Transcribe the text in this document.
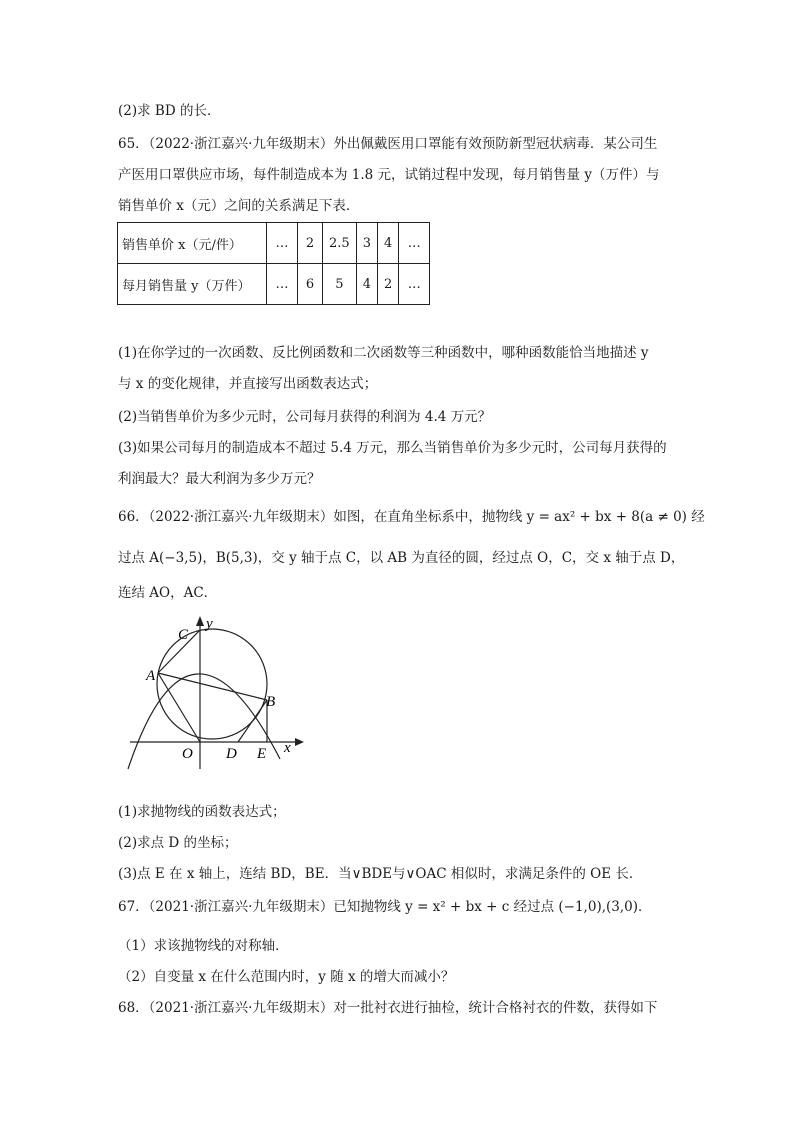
(2)求 BD 的长．
65．（2022·浙江嘉兴·九年级期末）外出佩戴医用口罩能有效预防新型冠状病毒．某公司生
产医用口罩供应市场，每件制造成本为 1.8 元，试销过程中发现，每月销售量 y（万件）与
销售单价 x（元）之间的关系满足下表．
销售单价 x（元/件）	…	2	2.5	3	4	…
每月销售量 y（万件）	…	6	5	4	2	…
(1)在你学过的一次函数、反比例函数和二次函数等三种函数中，哪种函数能恰当地描述 y
与 x 的变化规律，并直接写出函数表达式；
(2)当销售单价为多少元时，公司每月获得的利润为 4.4 万元？
(3)如果公司每月的制造成本不超过 5.4 万元，那么当销售单价为多少元时，公司每月获得的
利润最大？最大利润为多少万元？
66．（2022·浙江嘉兴·九年级期末）如图，在直角坐标系中，抛物线 y = ax² + bx + 8(a ≠ 0) 经
过点 A(−3,5)，B(5,3)，交 y 轴于点 C，以 AB 为直径的圆，经过点 O，C，交 x 轴于点 D，
连结 AO，AC．
C
y
A
B
O D E x
(1)求抛物线的函数表达式；
(2)求点 D 的坐标；
(3)点 E 在 x 轴上，连结 BD，BE．当∨BDE与∨OAC 相似时，求满足条件的 OE 长．
67．（2021·浙江嘉兴·九年级期末）已知抛物线 y = x² + bx + c 经过点 (−1,0),(3,0)．
（1）求该抛物线的对称轴．
（2）自变量 x 在什么范围内时，y 随 x 的增大而减小？
68．（2021·浙江嘉兴·九年级期末）对一批衬衣进行抽检，统计合格衬衣的件数，获得如下
